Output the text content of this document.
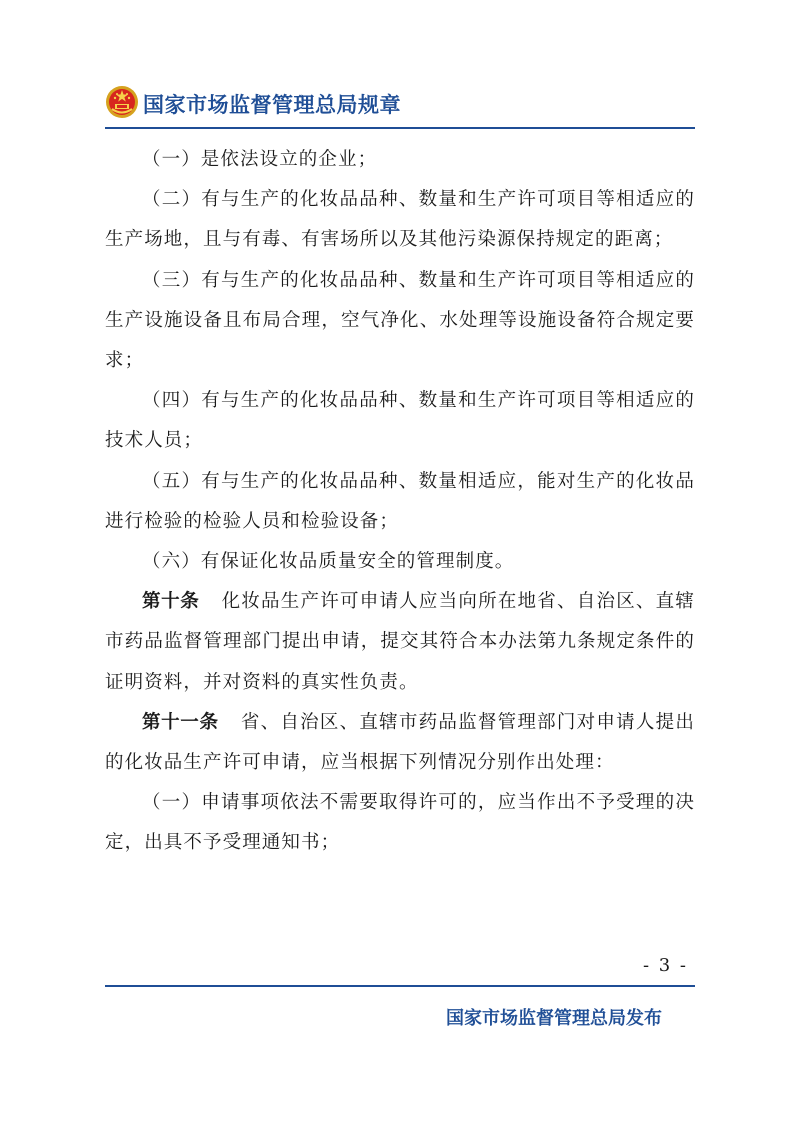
国家市场监督管理总局规章

（一）是依法设立的企业；

（二）有与生产的化妆品品种、数量和生产许可项目等相适应的生产场地，且与有毒、有害场所以及其他污染源保持规定的距离；

（三）有与生产的化妆品品种、数量和生产许可项目等相适应的生产设施设备且布局合理，空气净化、水处理等设施设备符合规定要求；

（四）有与生产的化妆品品种、数量和生产许可项目等相适应的技术人员；

（五）有与生产的化妆品品种、数量相适应，能对生产的化妆品进行检验的检验人员和检验设备；

（六）有保证化妆品质量安全的管理制度。

第十条 化妆品生产许可申请人应当向所在地省、自治区、直辖市药品监督管理部门提出申请，提交其符合本办法第九条规定条件的证明资料，并对资料的真实性负责。

第十一条 省、自治区、直辖市药品监督管理部门对申请人提出的化妆品生产许可申请，应当根据下列情况分别作出处理：

（一）申请事项依法不需要取得许可的，应当作出不予受理的决定，出具不予受理通知书；

- 3 -
国家市场监督管理总局发布
